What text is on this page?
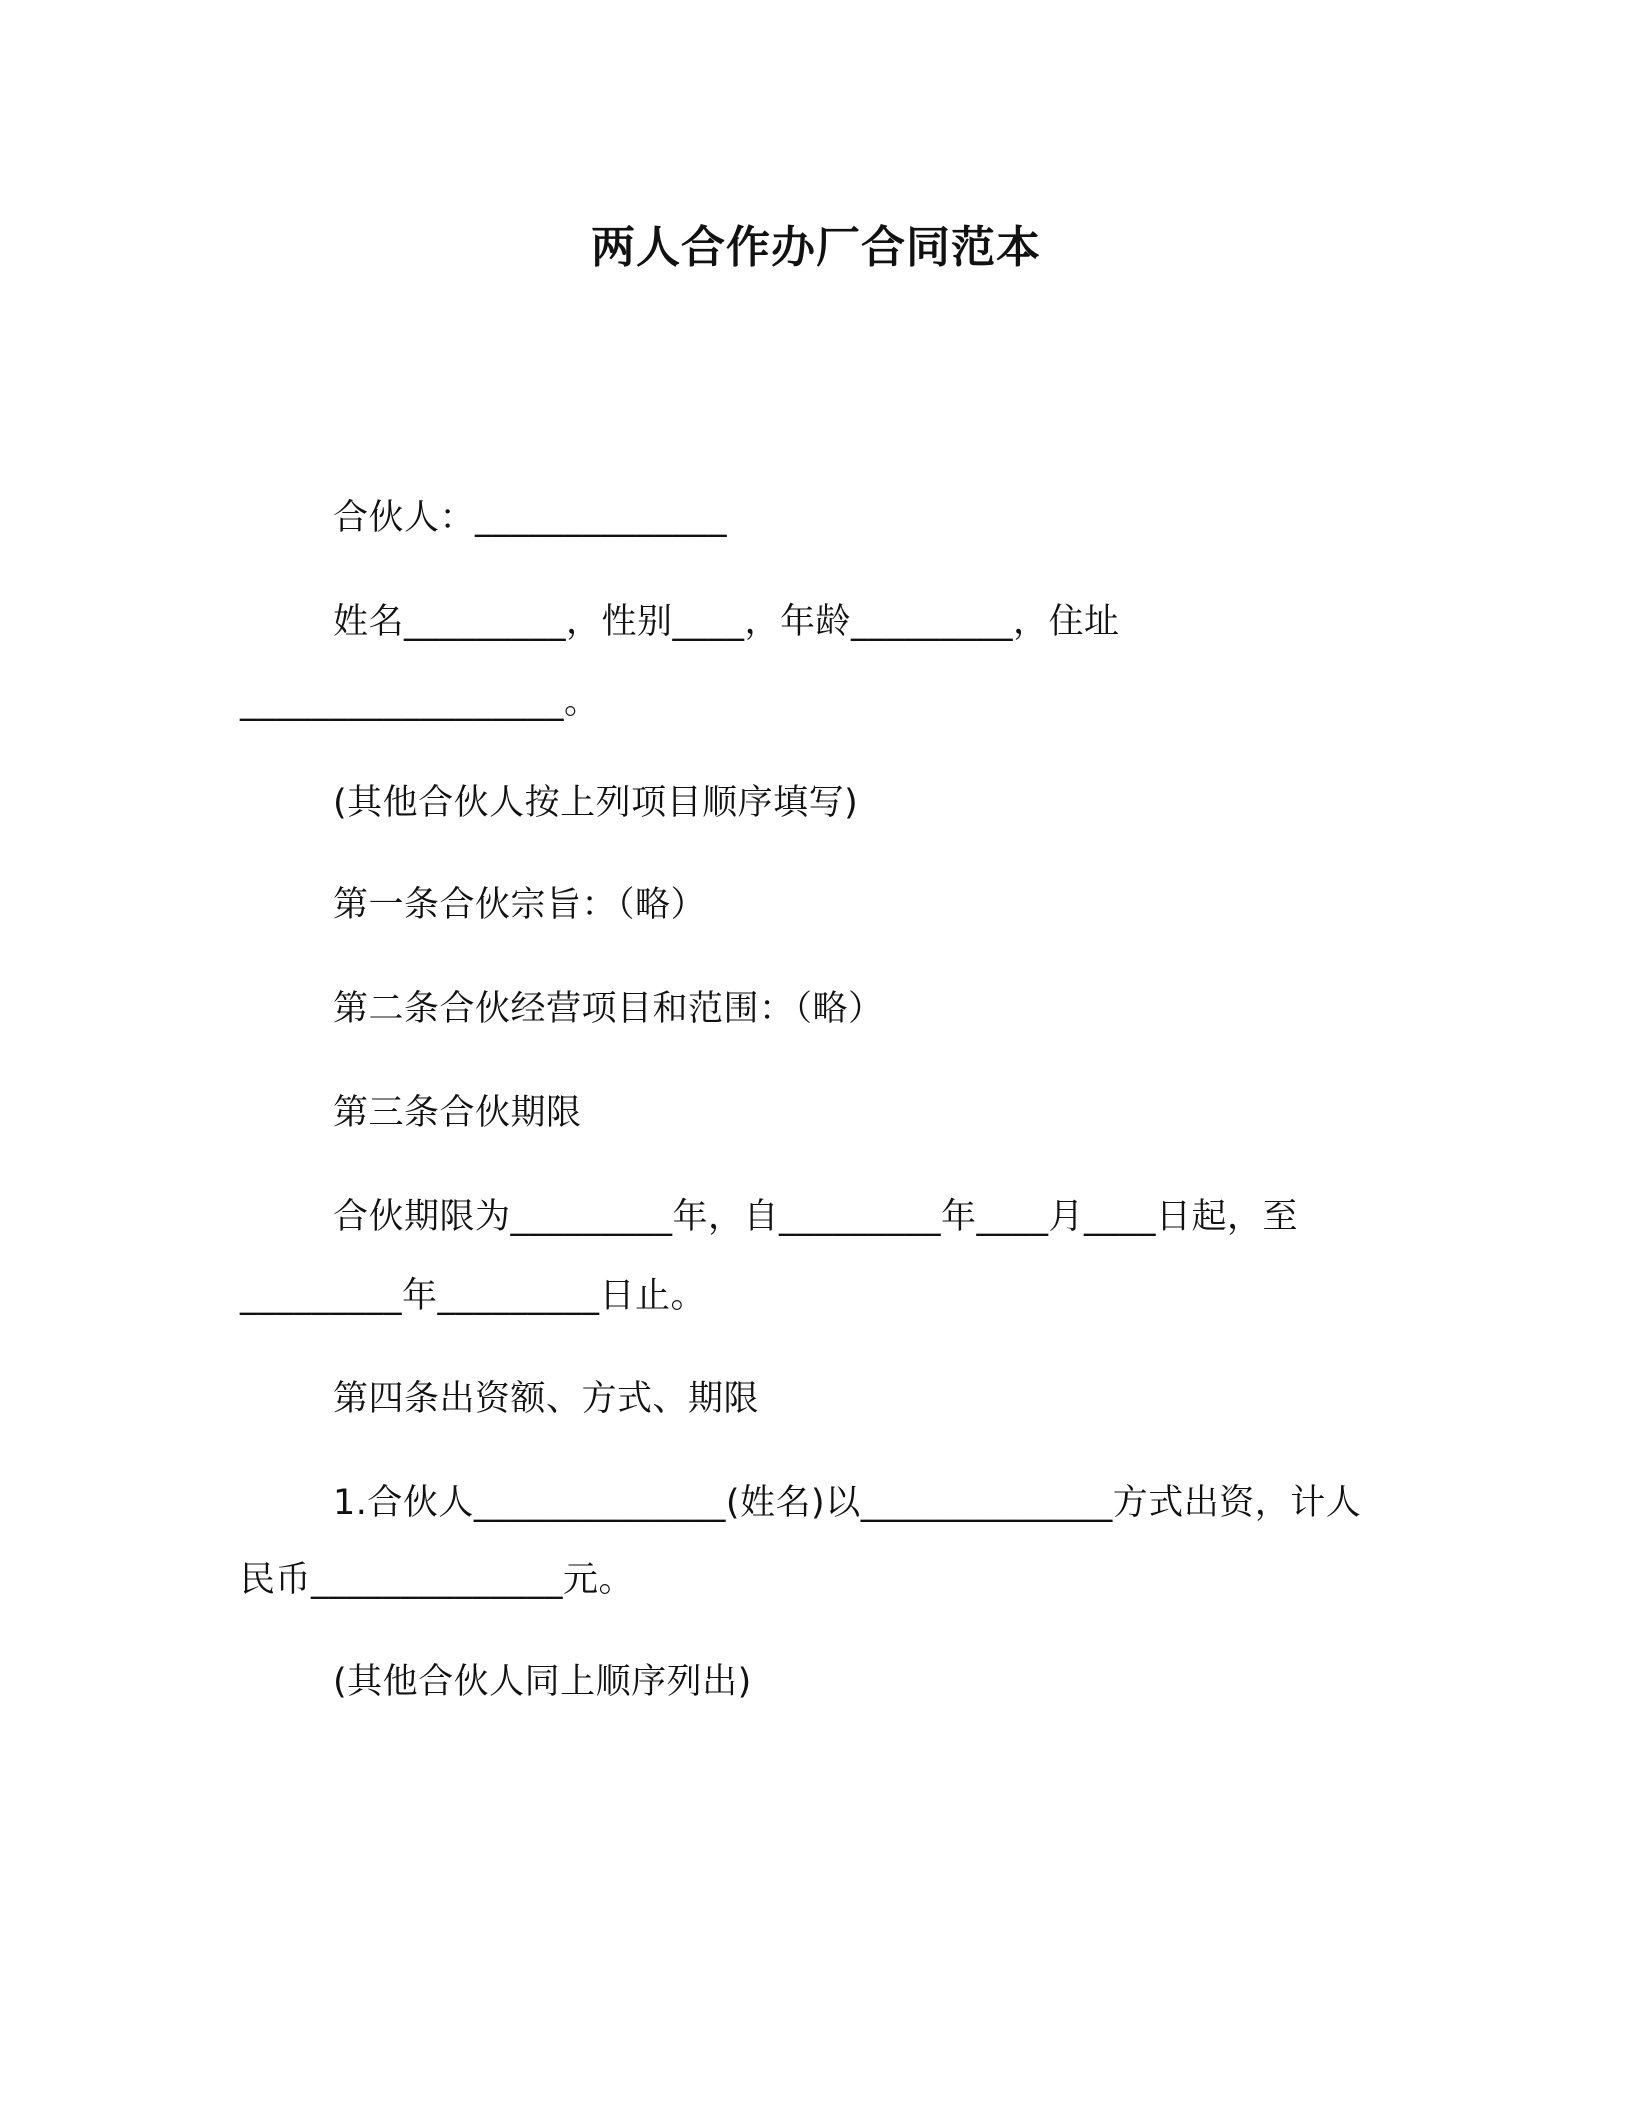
两人合作办厂合同范本
合伙人：______________
姓名_________，性别____，年龄_________，住址
__________________。
(其他合伙人按上列项目顺序填写)
第一条合伙宗旨：（略）
第二条合伙经营项目和范围：（略）
第三条合伙期限
合伙期限为_________年，自_________年____月____日起，至
_________年_________日止。
第四条出资额、方式、期限
1.合伙人______________(姓名)以______________方式出资，计人
民币______________元。
(其他合伙人同上顺序列出)
